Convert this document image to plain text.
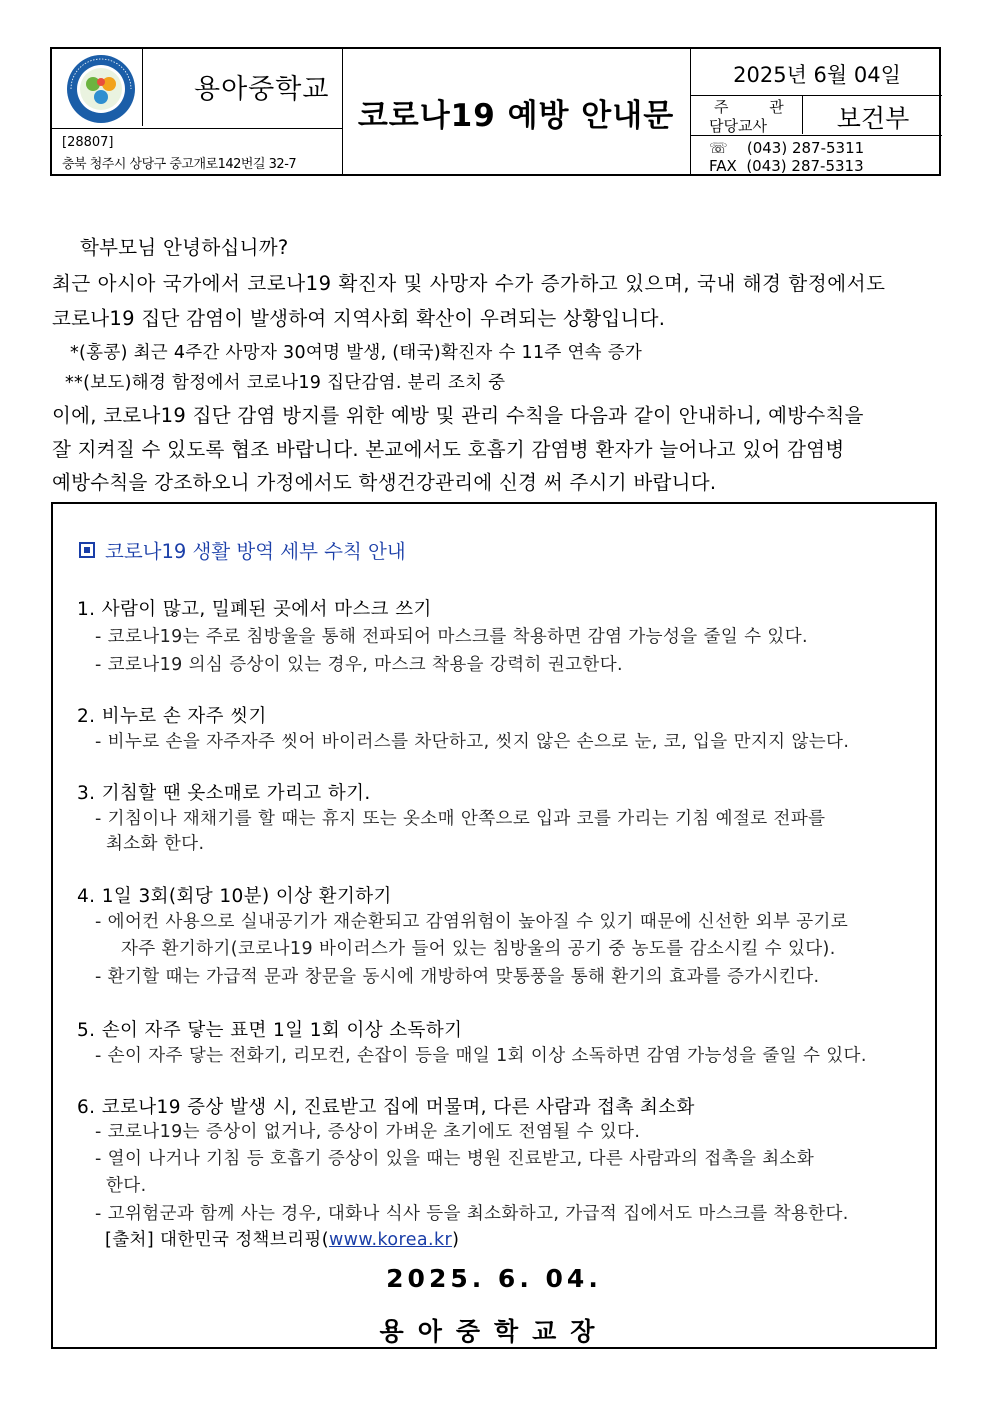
용아중학교
[28807]
충북 청주시 상당구 중고개로142번길 32-7
코로나19 예방 안내문
2025년 6월 04일
주 관
담당교사	보건부
☏ (043) 287-5311
FAX  (043) 287-5313
학부모님 안녕하십니까?
최근 아시아 국가에서 코로나19 확진자 및 사망자 수가 증가하고 있으며, 국내 해경 함정에서도
코로나19 집단 감염이 발생하여 지역사회 확산이 우려되는 상황입니다.
*(홍콩) 최근 4주간 사망자 30여명 발생, (태국)확진자 수 11주 연속 증가
**(보도)해경 함정에서 코로나19 집단감염. 분리 조치 중
이에, 코로나19 집단 감염 방지를 위한 예방 및 관리 수칙을 다음과 같이 안내하니, 예방수칙을
잘 지켜질 수 있도록 협조 바랍니다. 본교에서도 호흡기 감염병 환자가 늘어나고 있어 감염병
예방수칙을 강조하오니 가정에서도 학생건강관리에 신경 써 주시기 바랍니다.
코로나19 생활 방역 세부 수칙 안내
1. 사람이 많고, 밀폐된 곳에서 마스크 쓰기
- 코로나19는 주로 침방울을 통해 전파되어 마스크를 착용하면 감염 가능성을 줄일 수 있다.
- 코로나19 의심 증상이 있는 경우, 마스크 착용을 강력히 권고한다.
2. 비누로 손 자주 씻기
- 비누로 손을 자주자주 씻어 바이러스를 차단하고, 씻지 않은 손으로 눈, 코, 입을 만지지 않는다.
3. 기침할 땐 옷소매로 가리고 하기.
- 기침이나 재채기를 할 때는 휴지 또는 옷소매 안쪽으로 입과 코를 가리는 기침 예절로 전파를
최소화 한다.
4. 1일 3회(회당 10분) 이상 환기하기
- 에어컨 사용으로 실내공기가 재순환되고 감염위험이 높아질 수 있기 때문에 신선한 외부 공기로
자주 환기하기(코로나19 바이러스가 들어 있는 침방울의 공기 중 농도를 감소시킬 수 있다).
- 환기할 때는 가급적 문과 창문을 동시에 개방하여 맞통풍을 통해 환기의 효과를 증가시킨다.
5. 손이 자주 닿는 표면 1일 1회 이상 소독하기
- 손이 자주 닿는 전화기, 리모컨, 손잡이 등을 매일 1회 이상 소독하면 감염 가능성을 줄일 수 있다.
6. 코로나19 증상 발생 시, 진료받고 집에 머물며, 다른 사람과 접촉 최소화
- 코로나19는 증상이 없거나, 증상이 가벼운 초기에도 전염될 수 있다.
- 열이 나거나 기침 등 호흡기 증상이 있을 때는 병원 진료받고, 다른 사람과의 접촉을 최소화
한다.
- 고위험군과 함께 사는 경우, 대화나 식사 등을 최소화하고, 가급적 집에서도 마스크를 착용한다.
[출처] 대한민국 정책브리핑(www.korea.kr)
2025. 6. 04.
용아중학교장
